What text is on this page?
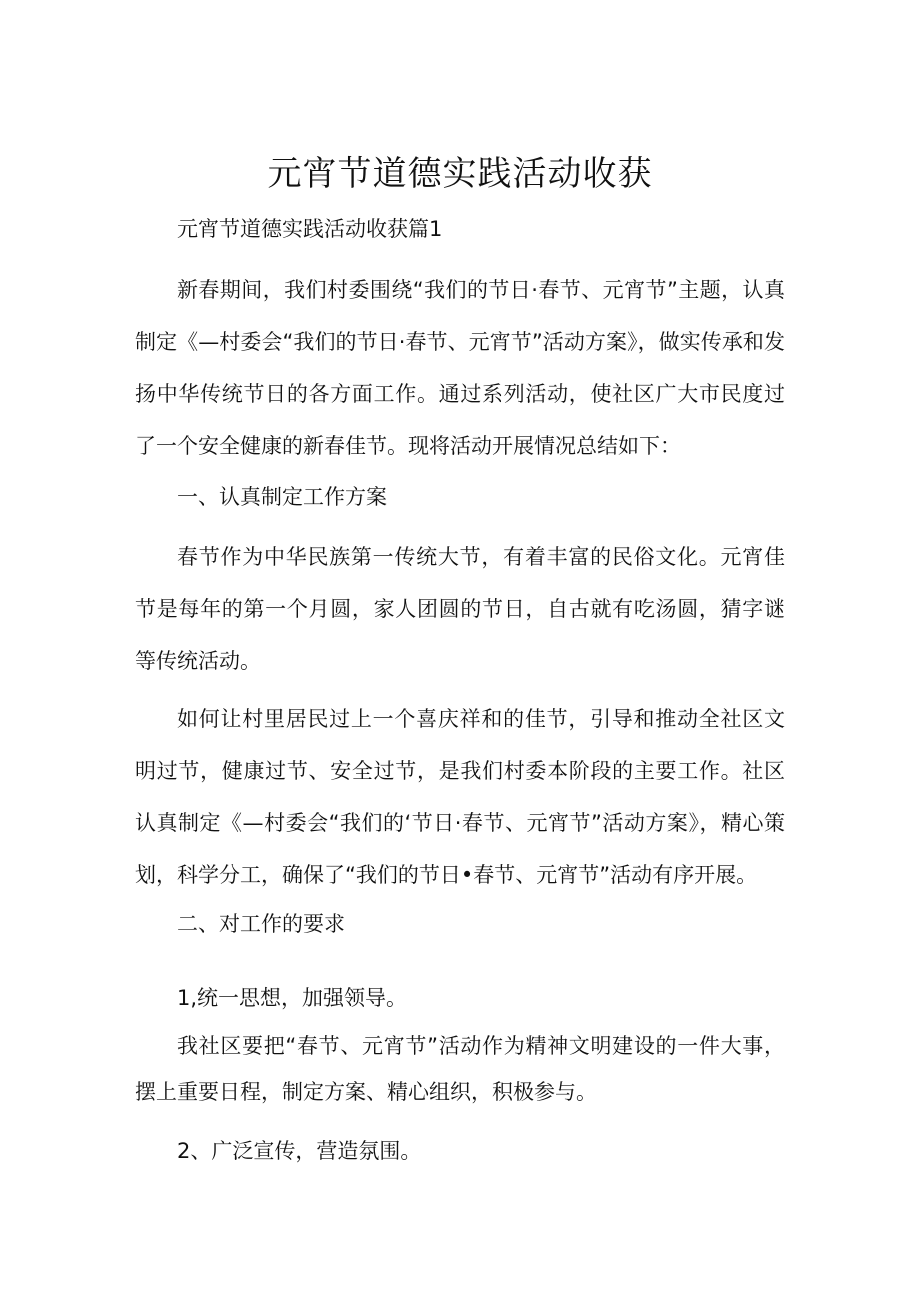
元宵节道德实践活动收获

元宵节道德实践活动收获篇1

新春期间，我们村委围绕“我们的节日·春节、元宵节”主题，认真制定《—村委会“我们的节日·春节、元宵节”活动方案》，做实传承和发扬中华传统节日的各方面工作。通过系列活动，使社区广大市民度过了一个安全健康的新春佳节。现将活动开展情况总结如下：

一、认真制定工作方案

春节作为中华民族第一传统大节，有着丰富的民俗文化。元宵佳节是每年的第一个月圆，家人团圆的节日，自古就有吃汤圆，猜字谜等传统活动。

如何让村里居民过上一个喜庆祥和的佳节，引导和推动全社区文明过节，健康过节、安全过节，是我们村委本阶段的主要工作。社区认真制定《—村委会“我们的‘节日·春节、元宵节”活动方案》，精心策划，科学分工，确保了“我们的节日•春节、元宵节”活动有序开展。

二、对工作的要求

1,统一思想，加强领导。

我社区要把“春节、元宵节”活动作为精神文明建设的一件大事，摆上重要日程，制定方案、精心组织，积极参与。

2、广泛宣传，营造氛围。
